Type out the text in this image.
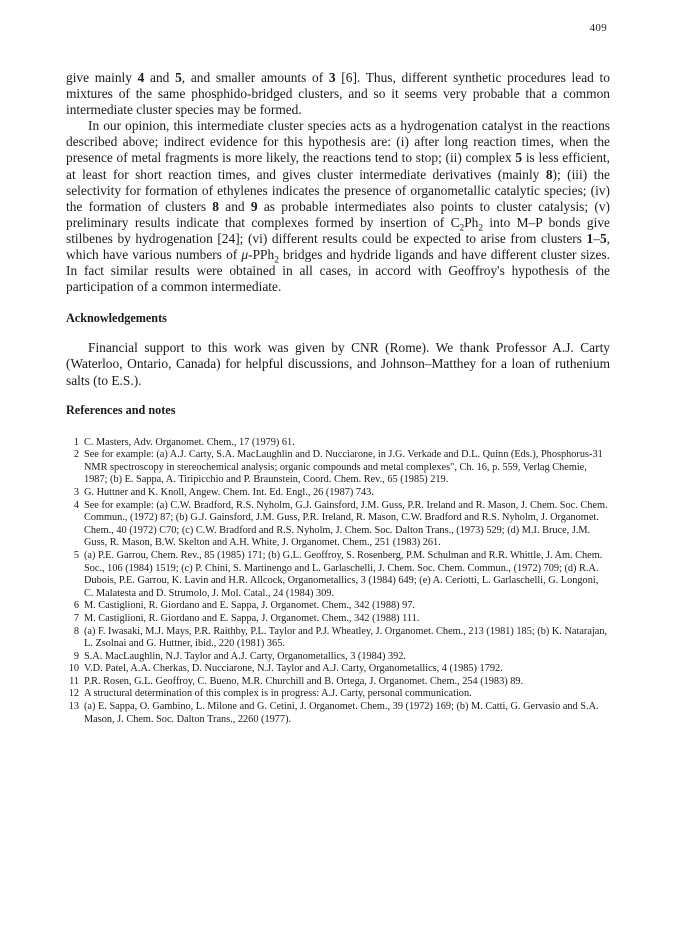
409

give mainly 4 and 5, and smaller amounts of 3 [6]. Thus, different synthetic procedures lead to mixtures of the same phosphido-bridged clusters, and so it seems very probable that a common intermediate cluster species may be formed.

In our opinion, this intermediate cluster species acts as a hydrogenation catalyst in the reactions described above; indirect evidence for this hypothesis are: (i) after long reaction times, when the presence of metal fragments is more likely, the reactions tend to stop; (ii) complex 5 is less efficient, at least for short reaction times, and gives cluster intermediate derivatives (mainly 8); (iii) the selectivity for formation of ethylenes indicates the presence of organometallic catalytic species; (iv) the formation of clusters 8 and 9 as probable intermediates also points to cluster catalysis; (v) preliminary results indicate that complexes formed by insertion of $C_2Ph_2$ into M–P bonds give stilbenes by hydrogenation [24]; (vi) different results could be expected to arise from clusters 1–5, which have various numbers of μ-PPh$_2$ bridges and hydride ligands and have different cluster sizes. In fact similar results were obtained in all cases, in accord with Geoffroy's hypothesis of the participation of a common intermediate.

Acknowledgements

Financial support to this work was given by CNR (Rome). We thank Professor A.J. Carty (Waterloo, Ontario, Canada) for helpful discussions, and Johnson–Matthey for a loan of ruthenium salts (to E.S.).

References and notes
1 C. Masters, Adv. Organomet. Chem., 17 (1979) 61.
2 See for example: (a) A.J. Carty, S.A. MacLaughlin and D. Nucciarone, in J.G. Verkade and D.L. Quinn (Eds.), Phosphorus-31 NMR spectroscopy in stereochemical analysis; organic compounds and metal complexes", Ch. 16, p. 559, Verlag Chemie, 1987; (b) E. Sappa, A. Tiripicchio and P. Braunstein, Coord. Chem. Rev., 65 (1985) 219.
3 G. Huttner and K. Knoll, Angew. Chem. Int. Ed. Engl., 26 (1987) 743.
4 See for example: (a) C.W. Bradford, R.S. Nyholm, G.J. Gainsford, J.M. Guss, P.R. Ireland and R. Mason, J. Chem. Soc. Chem. Commun., (1972) 87; (b) G.J. Gainsford, J.M. Guss, P.R. Ireland, R. Mason, C.W. Bradford and R.S. Nyholm, J. Organomet. Chem., 40 (1972) C70; (c) C.W. Bradford and R.S. Nyholm, J. Chem. Soc. Dalton Trans., (1973) 529; (d) M.I. Bruce, J.M. Guss, R. Mason, B.W. Skelton and A.H. White, J. Organomet. Chem., 251 (1983) 261.
5 (a) P.E. Garrou, Chem. Rev., 85 (1985) 171; (b) G.L. Geoffroy, S. Rosenberg, P.M. Schulman and R.R. Whittle, J. Am. Chem. Soc., 106 (1984) 1519; (c) P. Chini, S. Martinengo and L. Garlaschelli, J. Chem. Soc. Chem. Commun., (1972) 709; (d) R.A. Dubois, P.E. Garrou, K. Lavin and H.R. Allcock, Organometallics, 3 (1984) 649; (e) A. Ceriotti, L. Garlaschelli, G. Longoni, C. Malatesta and D. Strumolo, J. Mol. Catal., 24 (1984) 309.
6 M. Castiglioni, R. Giordano and E. Sappa, J. Organomet. Chem., 342 (1988) 97.
7 M. Castiglioni, R. Giordano and E. Sappa, J. Organomet. Chem., 342 (1988) 111.
8 (a) F. Iwasaki, M.J. Mays, P.R. Raithby, P.L. Taylor and P.J. Wheatley, J. Organomet. Chem., 213 (1981) 185; (b) K. Natarajan, L. Zsolnai and G. Huttner, ibid., 220 (1981) 365.
9 S.A. MacLaughlin, N.J. Taylor and A.J. Carty, Organometallics, 3 (1984) 392.
10 V.D. Patel, A.A. Cherkas, D. Nucciarone, N.J. Taylor and A.J. Carty, Organometallics, 4 (1985) 1792.
11 P.R. Rosen, G.L. Geoffroy, C. Bueno, M.R. Churchill and B. Ortega, J. Organomet. Chem., 254 (1983) 89.
12 A structural determination of this complex is in progress: A.J. Carty, personal communication.
13 (a) E. Sappa, O. Gambino, L. Milone and G. Cetini, J. Organomet. Chem., 39 (1972) 169; (b) M. Catti, G. Gervasio and S.A. Mason, J. Chem. Soc. Dalton Trans., 2260 (1977).
